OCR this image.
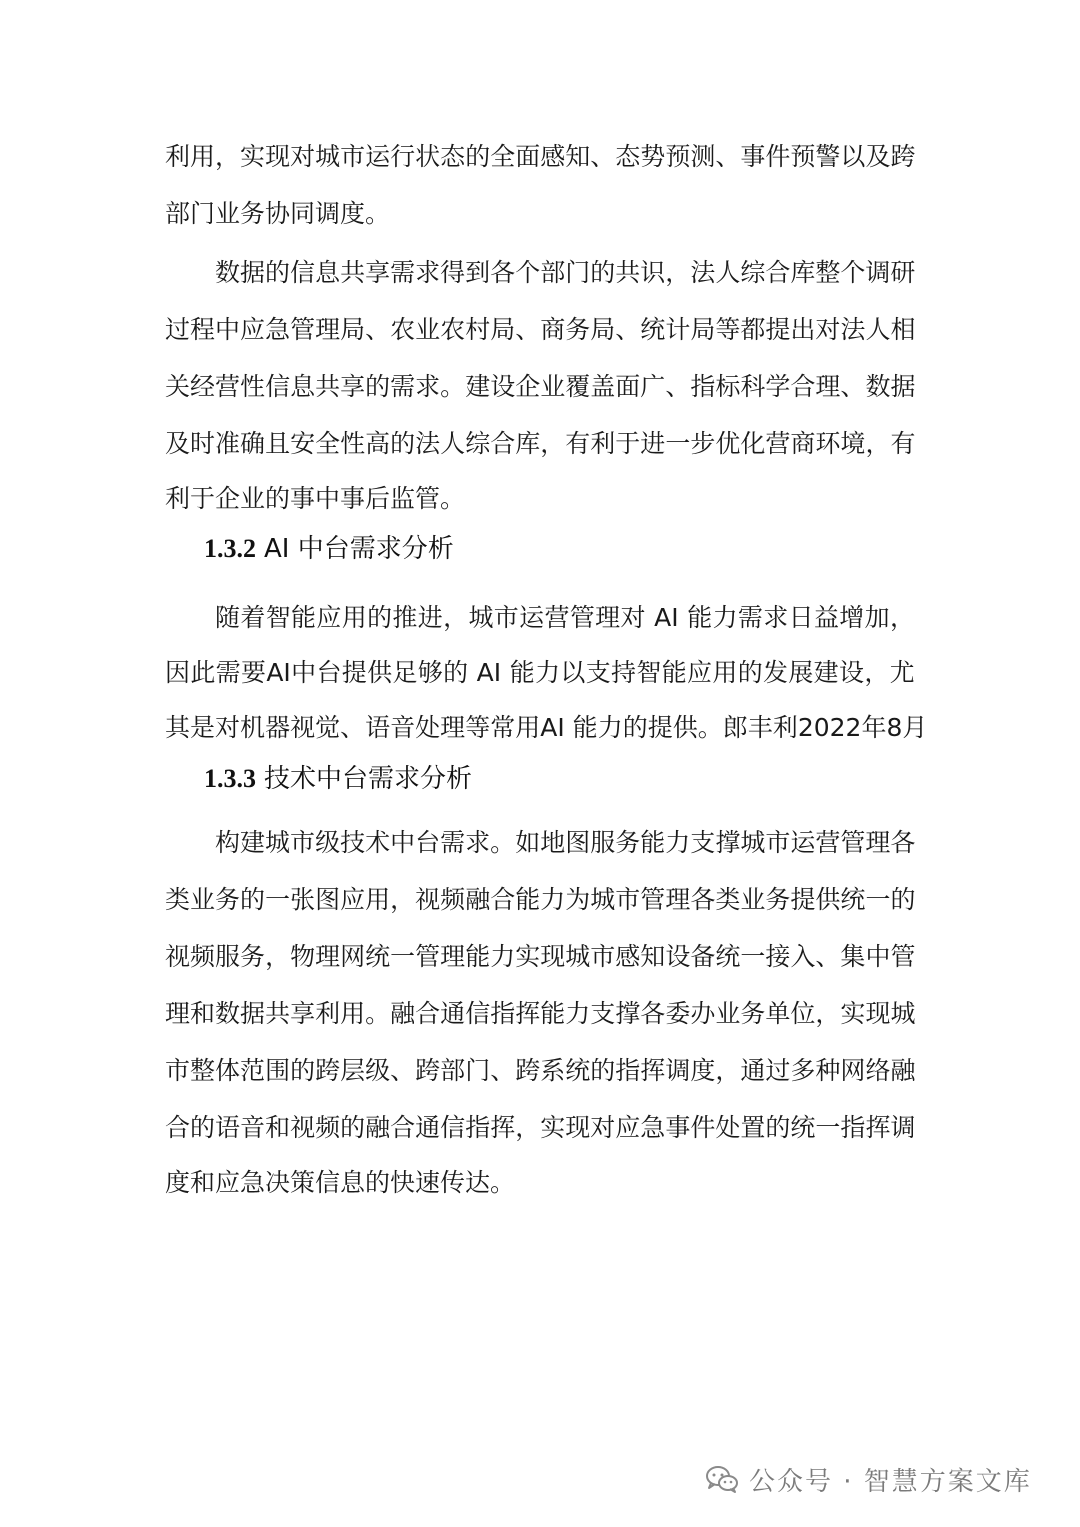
利 用 ， 实 现 对 城 市 运 行 状 态 的 全 面 感 知 、 态 势 预 测 、 事 件 预 警 以 及 跨
部门业务协同调度。
数 据 的 信 息 共 享 需 求 得 到 各 个 部 门 的 共 识 ， 法 人 综 合 库 整 个 调 研
过 程 中 应 急 管 理 局 、 农 业 农 村 局 、 商 务 局 、 统 计 局 等 都 提 出 对 法 人 相
关 经 营 性 信 息 共 享 的 需 求 。 建 设 企 业 覆 盖 面 广 、 指 标 科 学 合 理 、 数 据
及 时 准 确 且 安 全 性 高 的 法 人 综 合 库 ， 有 利 于 进 一 步 优 化 营 商 环 境 ， 有
利于企业的事中事后监管。
1.3.2 AI 中台需求分析
随 着 智 能 应 用 的 推 进 ， 城 市 运 营 管 理 对
AI
能 力 需 求 日 益 增 加 ，
因 此 需 要 AI 中 台 提 供 足 够 的
AI
能 力 以 支 持 智 能 应 用 的 发 展 建 设 ， 尤
其 是 对 机 器 视 觉 、 语 音 处 理 等 常 用 AI
能 力 的 提 供 。 郎 丰 利 2022 年 8 月
1.3.3 技术中台需求分析
构 建 城 市 级 技 术 中 台 需 求 。 如 地 图 服 务 能 力 支 撑 城 市 运 营 管 理 各
类 业 务 的 一 张 图 应 用 ， 视 频 融 合 能 力 为 城 市 管 理 各 类 业 务 提 供 统 一 的
视 频 服 务 ， 物 理 网 统 一 管 理 能 力 实 现 城 市 感 知 设 备 统 一 接 入 、 集 中 管
理 和 数 据 共 享 利 用 。 融 合 通 信 指 挥 能 力 支 撑 各 委 办 业 务 单 位 ， 实 现 城
市 整 体 范 围 的 跨 层 级 、 跨 部 门 、 跨 系 统 的 指 挥 调 度 ， 通 过 多 种 网 络 融
合 的 语 音 和 视 频 的 融 合 通 信 指 挥 ， 实 现 对 应 急 事 件 处 置 的 统 一 指 挥 调
度和应急决策信息的快速传达。
公众号 · 智慧方案文库
